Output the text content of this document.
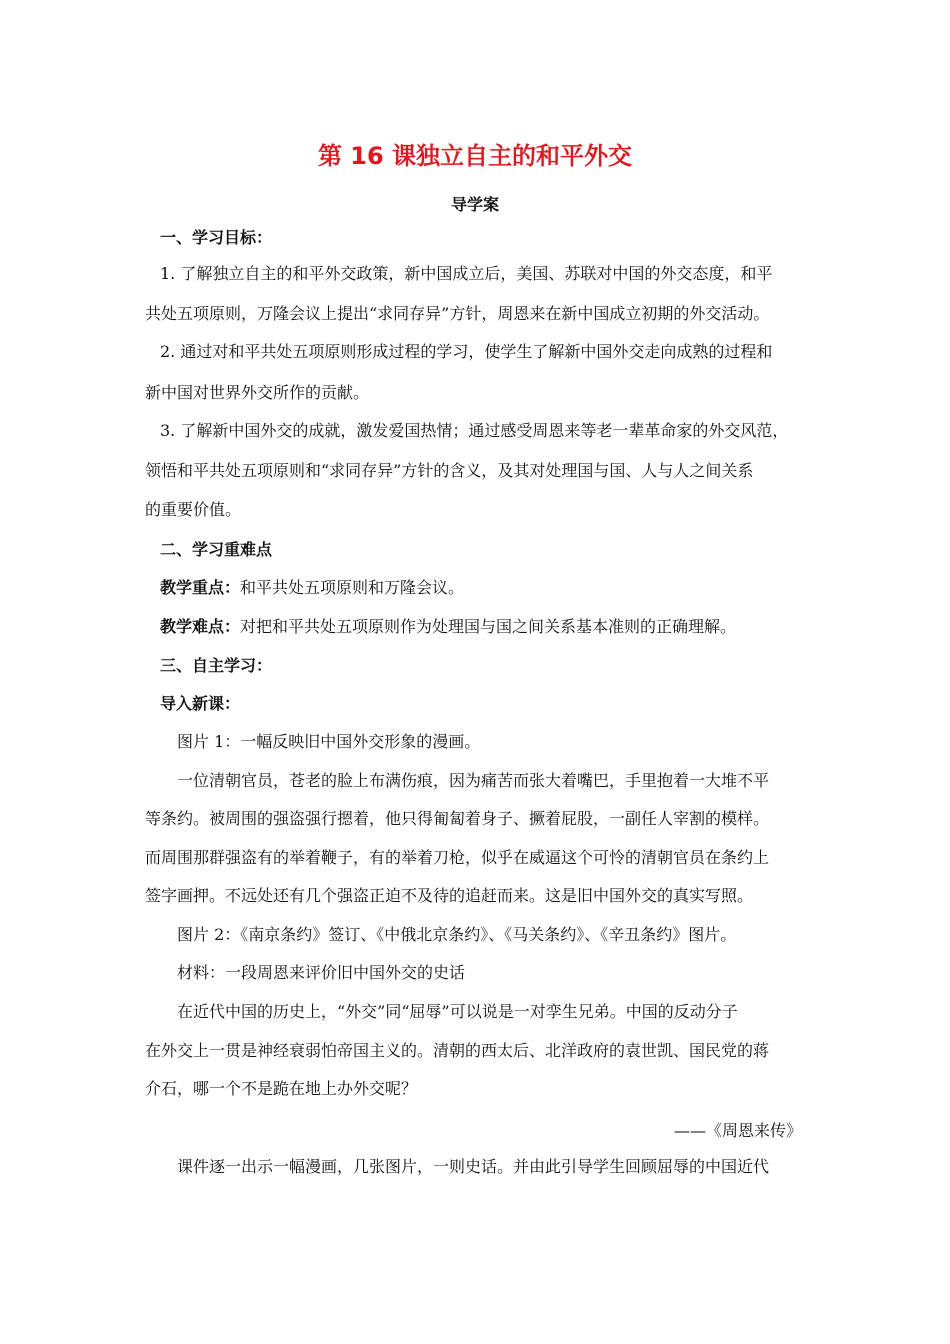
第 16 课独立自主的和平外交
导学案
一、学习目标：
1. 了解独立自主的和平外交政策，新中国成立后，美国、苏联对中国的外交态度，和平
共处五项原则，万隆会议上提出“求同存异”方针，周恩来在新中国成立初期的外交活动。
2. 通过对和平共处五项原则形成过程的学习，使学生了解新中国外交走向成熟的过程和
新中国对世界外交所作的贡献。
3. 了解新中国外交的成就，激发爱国热情；通过感受周恩来等老一辈革命家的外交风范，
领悟和平共处五项原则和“求同存异”方针的含义，及其对处理国与国、人与人之间关系
的重要价值。
二、学习重难点
教学重点：和平共处五项原则和万隆会议。
教学难点：对把和平共处五项原则作为处理国与国之间关系基本准则的正确理解。
三、自主学习：
导入新课：
图片 1：一幅反映旧中国外交形象的漫画。
一位清朝官员，苍老的脸上布满伤痕，因为痛苦而张大着嘴巴，手里抱着一大堆不平
等条约。被周围的强盗强行摁着，他只得匍匐着身子、撅着屁股，一副任人宰割的模样。
而周围那群强盗有的举着鞭子，有的举着刀枪，似乎在威逼这个可怜的清朝官员在条约上
签字画押。不远处还有几个强盗正迫不及待的追赶而来。这是旧中国外交的真实写照。
图片 2：《南京条约》签订、《中俄北京条约》、《马关条约》、《辛丑条约》图片。
材料：一段周恩来评价旧中国外交的史话
在近代中国的历史上，“外交”同“屈辱”可以说是一对孪生兄弟。中国的反动分子
在外交上一贯是神经衰弱怕帝国主义的。清朝的西太后、北洋政府的袁世凯、国民党的蒋
介石，哪一个不是跪在地上办外交呢？
——《周恩来传》
课件逐一出示一幅漫画，几张图片，一则史话。并由此引导学生回顾屈辱的中国近代
